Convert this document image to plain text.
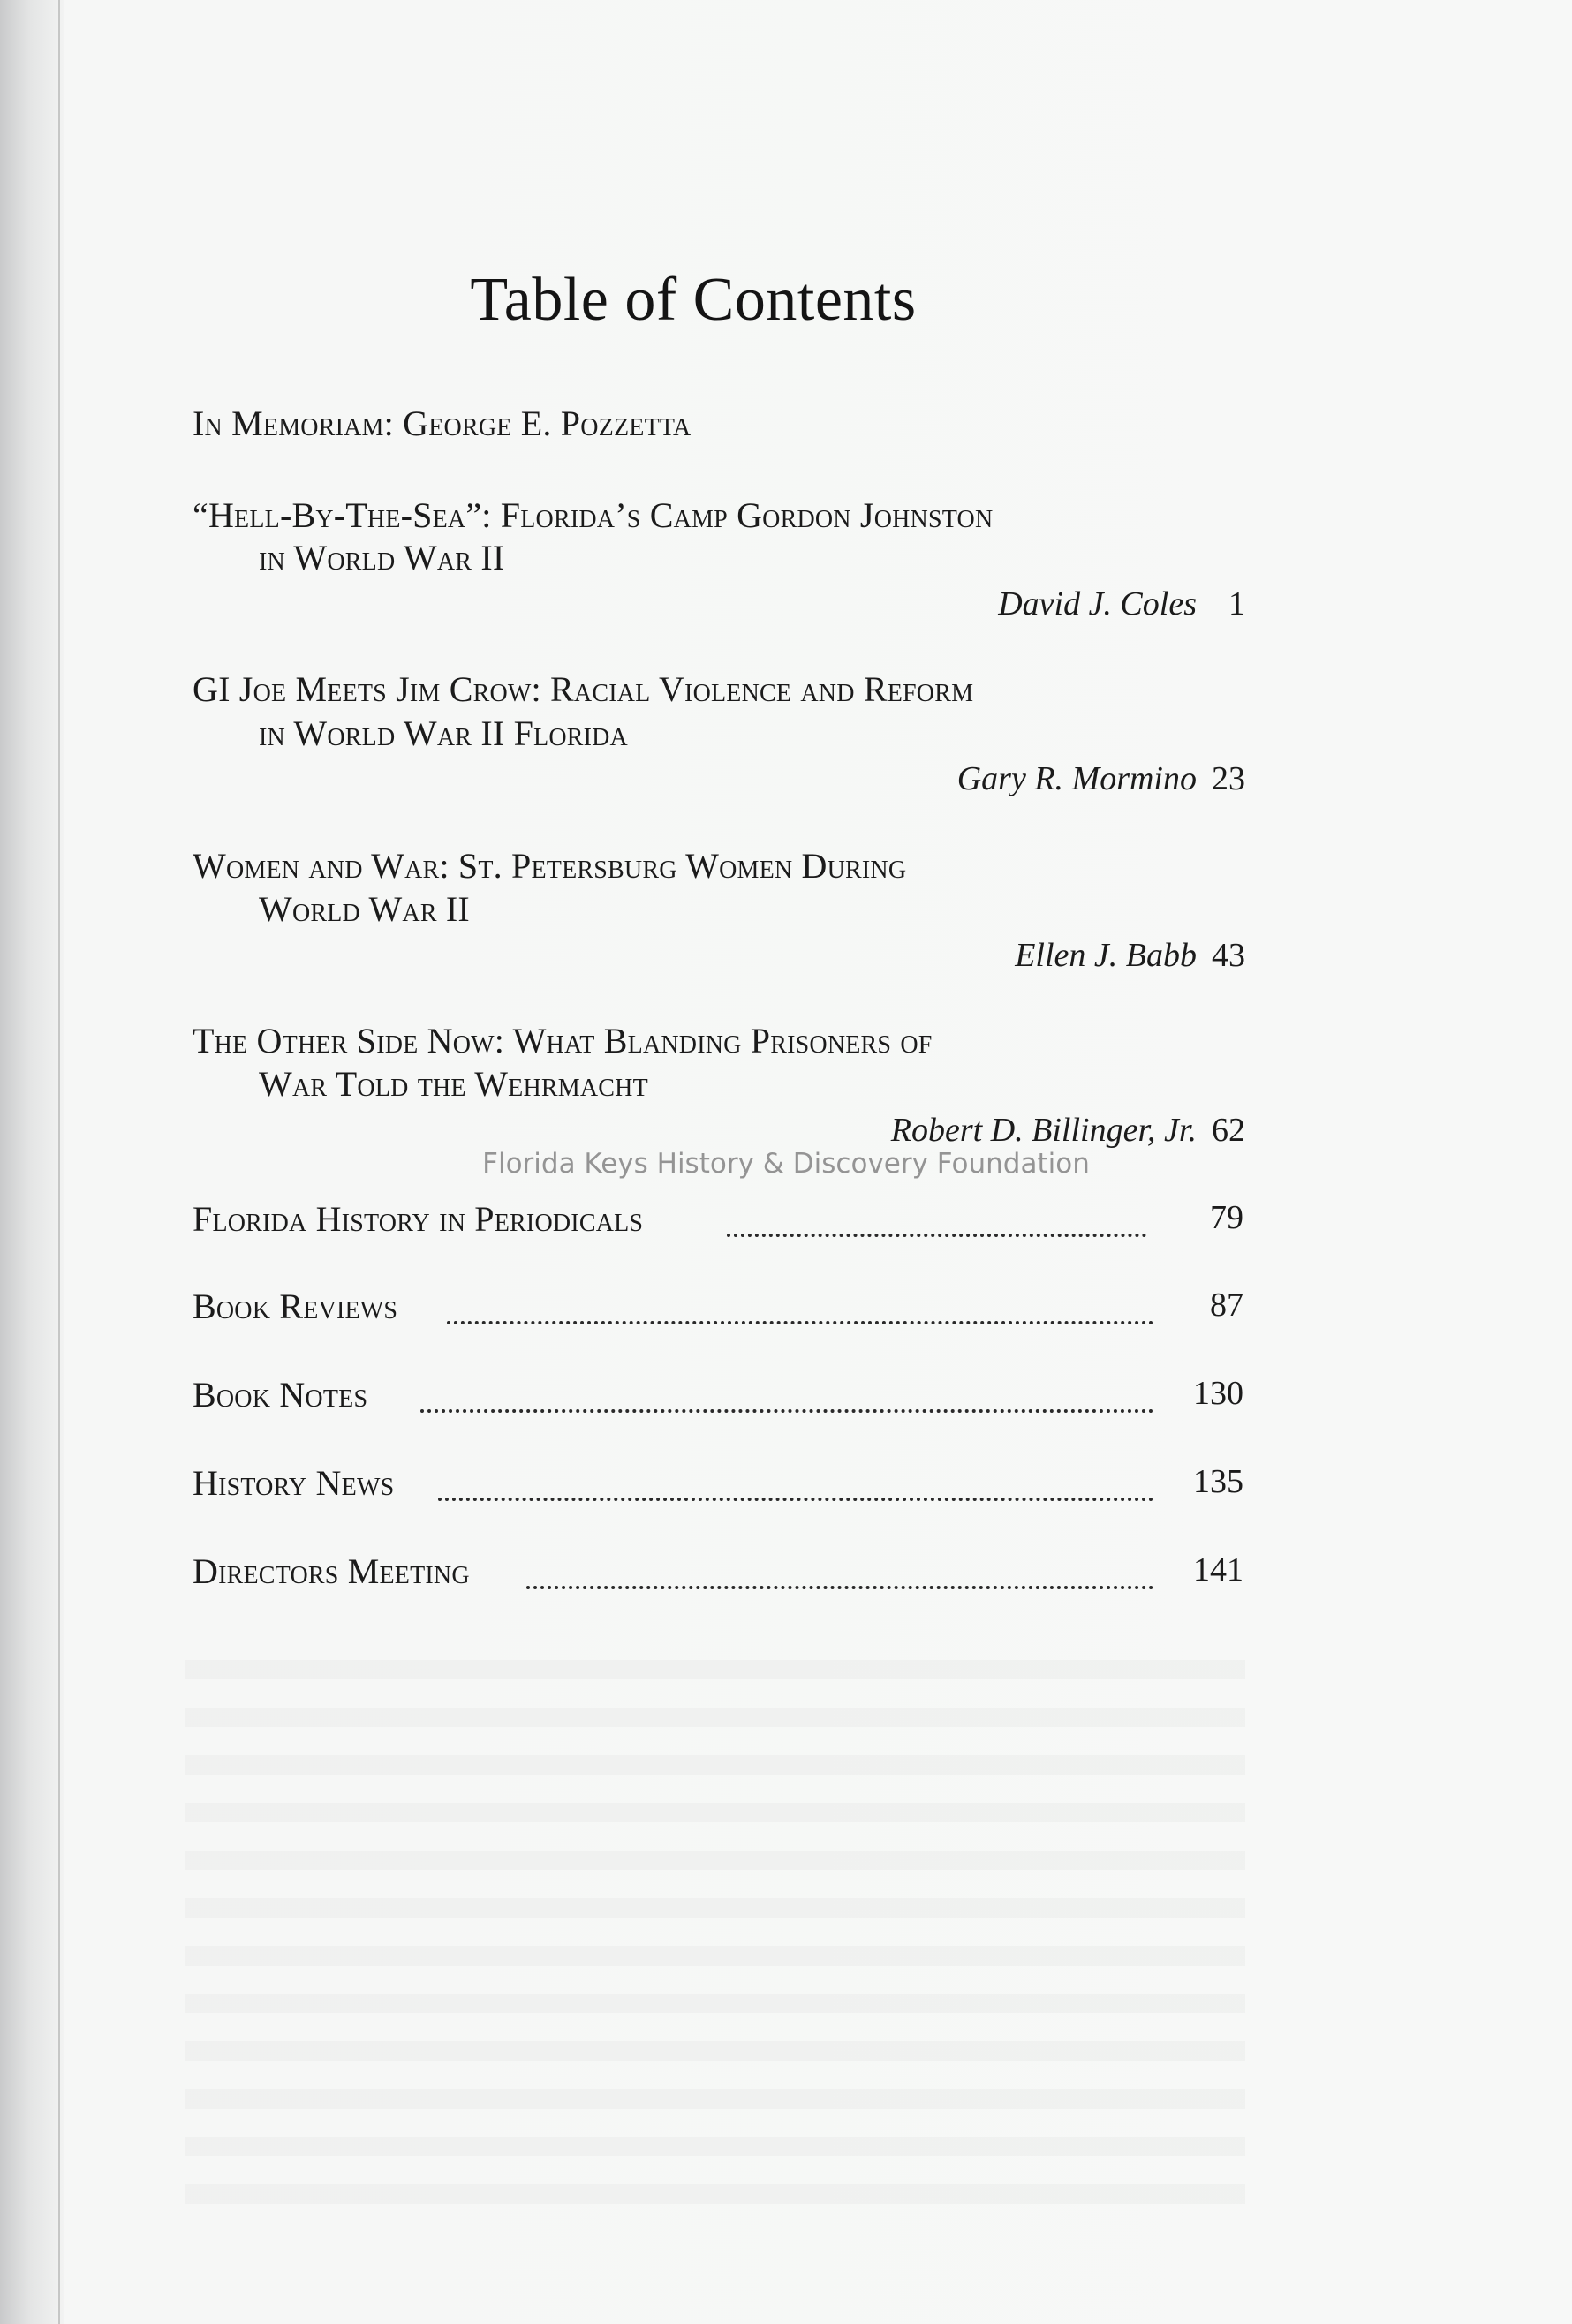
Table of Contents
In Memoriam: George E. Pozzetta
“Hell-By-The-Sea”: Florida’s Camp Gordon Johnston
in World War II
David J. Coles 1
GI Joe Meets Jim Crow: Racial Violence and Reform
in World War II Florida
Gary R. Mormino 23
Women and War: St. Petersburg Women During
World War II
Ellen J. Babb 43
The Other Side Now: What Blanding Prisoners of
War Told the Wehrmacht
Robert D. Billinger, Jr. 62
Florida Keys History & Discovery Foundation
Florida History in Periodicals	79
Book Reviews	87
Book Notes	130
History News	135
Directors Meeting	141
